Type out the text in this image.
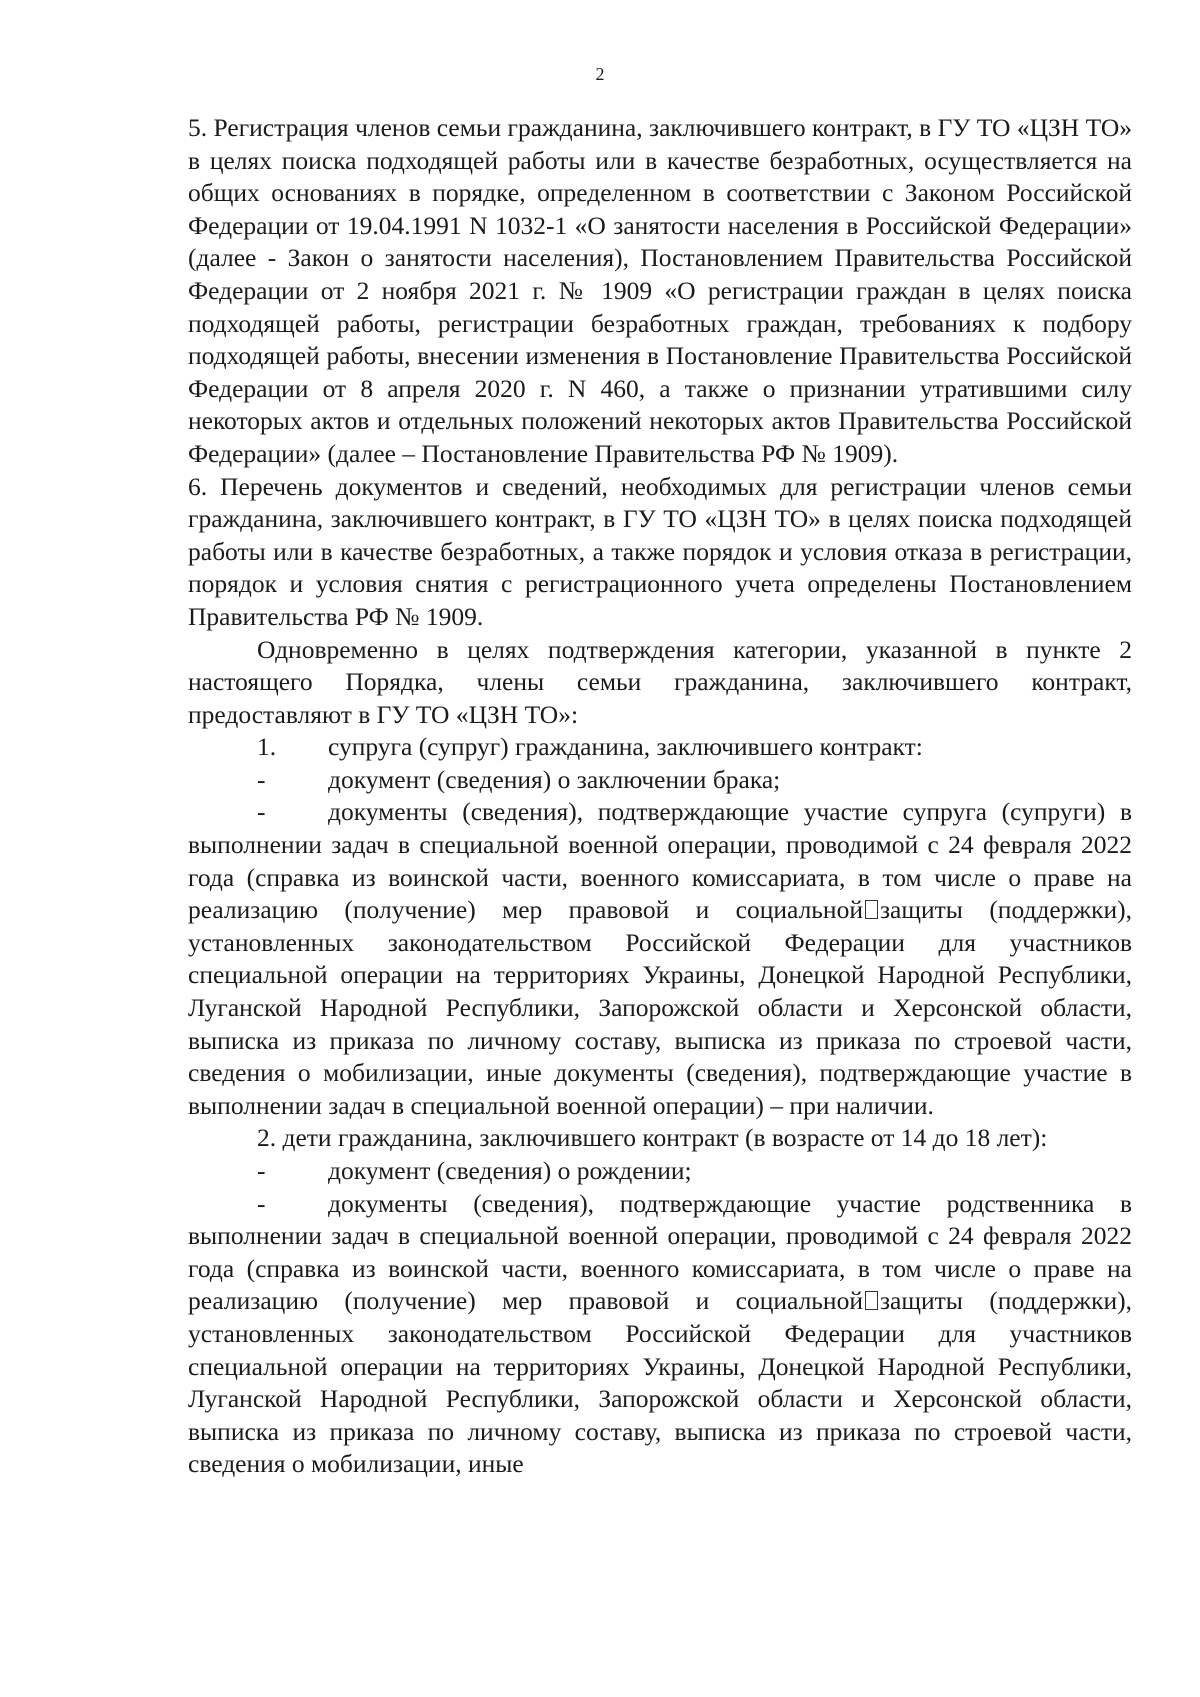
2

5. Регистрация членов семьи гражданина, заключившего контракт, в ГУ ТО «ЦЗН ТО» в целях поиска подходящей работы или в качестве безработных, осуществляется на общих основаниях в порядке, определенном в соответствии с Законом Российской Федерации от 19.04.1991 N 1032-1 «О занятости населения в Российской Федерации» (далее - Закон о занятости населения), Постановлением Правительства Российской Федерации от 2 ноября 2021 г. № 1909 «О регистрации граждан в целях поиска подходящей работы, регистрации безработных граждан, требованиях к подбору подходящей работы, внесении изменения в Постановление Правительства Российской Федерации от 8 апреля 2020 г. N 460, а также о признании утратившими силу некоторых актов и отдельных положений некоторых актов Правительства Российской Федерации» (далее – Постановление Правительства РФ № 1909).

6. Перечень документов и сведений, необходимых для регистрации членов семьи гражданина, заключившего контракт, в ГУ ТО «ЦЗН ТО» в целях поиска подходящей работы или в качестве безработных, а также порядок и условия отказа в регистрации, порядок и условия снятия с регистрационного учета определены Постановлением Правительства РФ № 1909.

Одновременно в целях подтверждения категории, указанной в пункте 2 настоящего Порядка, члены семьи гражданина, заключившего контракт, предоставляют в ГУ ТО «ЦЗН ТО»:

1.	супруга (супруг) гражданина, заключившего контракт:
-	документ (сведения) о заключении брака;

- документы (сведения), подтверждающие участие супруга (супруги) в выполнении задач в специальной военной операции, проводимой с 24 февраля 2022 года (справка из воинской части, военного комиссариата, в том числе о праве на реализацию (получение) мер правовой и социальной защиты (поддержки), установленных законодательством Российской Федерации для участников специальной операции на территориях Украины, Донецкой Народной Республики, Луганской Народной Республики, Запорожской области и Херсонской области, выписка из приказа по личному составу, выписка из приказа по строевой части, сведения о мобилизации, иные документы (сведения), подтверждающие участие в выполнении задач в специальной военной операции) – при наличии.

2. дети гражданина, заключившего контракт (в возрасте от 14 до 18 лет):

-	документ (сведения) о рождении;

- документы (сведения), подтверждающие участие родственника в выполнении задач в специальной военной операции, проводимой с 24 февраля 2022 года (справка из воинской части, военного комиссариата, в том числе о праве на реализацию (получение) мер правовой и социальной защиты (поддержки), установленных законодательством Российской Федерации для участников специальной операции на территориях Украины, Донецкой Народной Республики, Луганской Народной Республики, Запорожской области и Херсонской области, выписка из приказа по личному составу, выписка из приказа по строевой части, сведения о мобилизации, иные
